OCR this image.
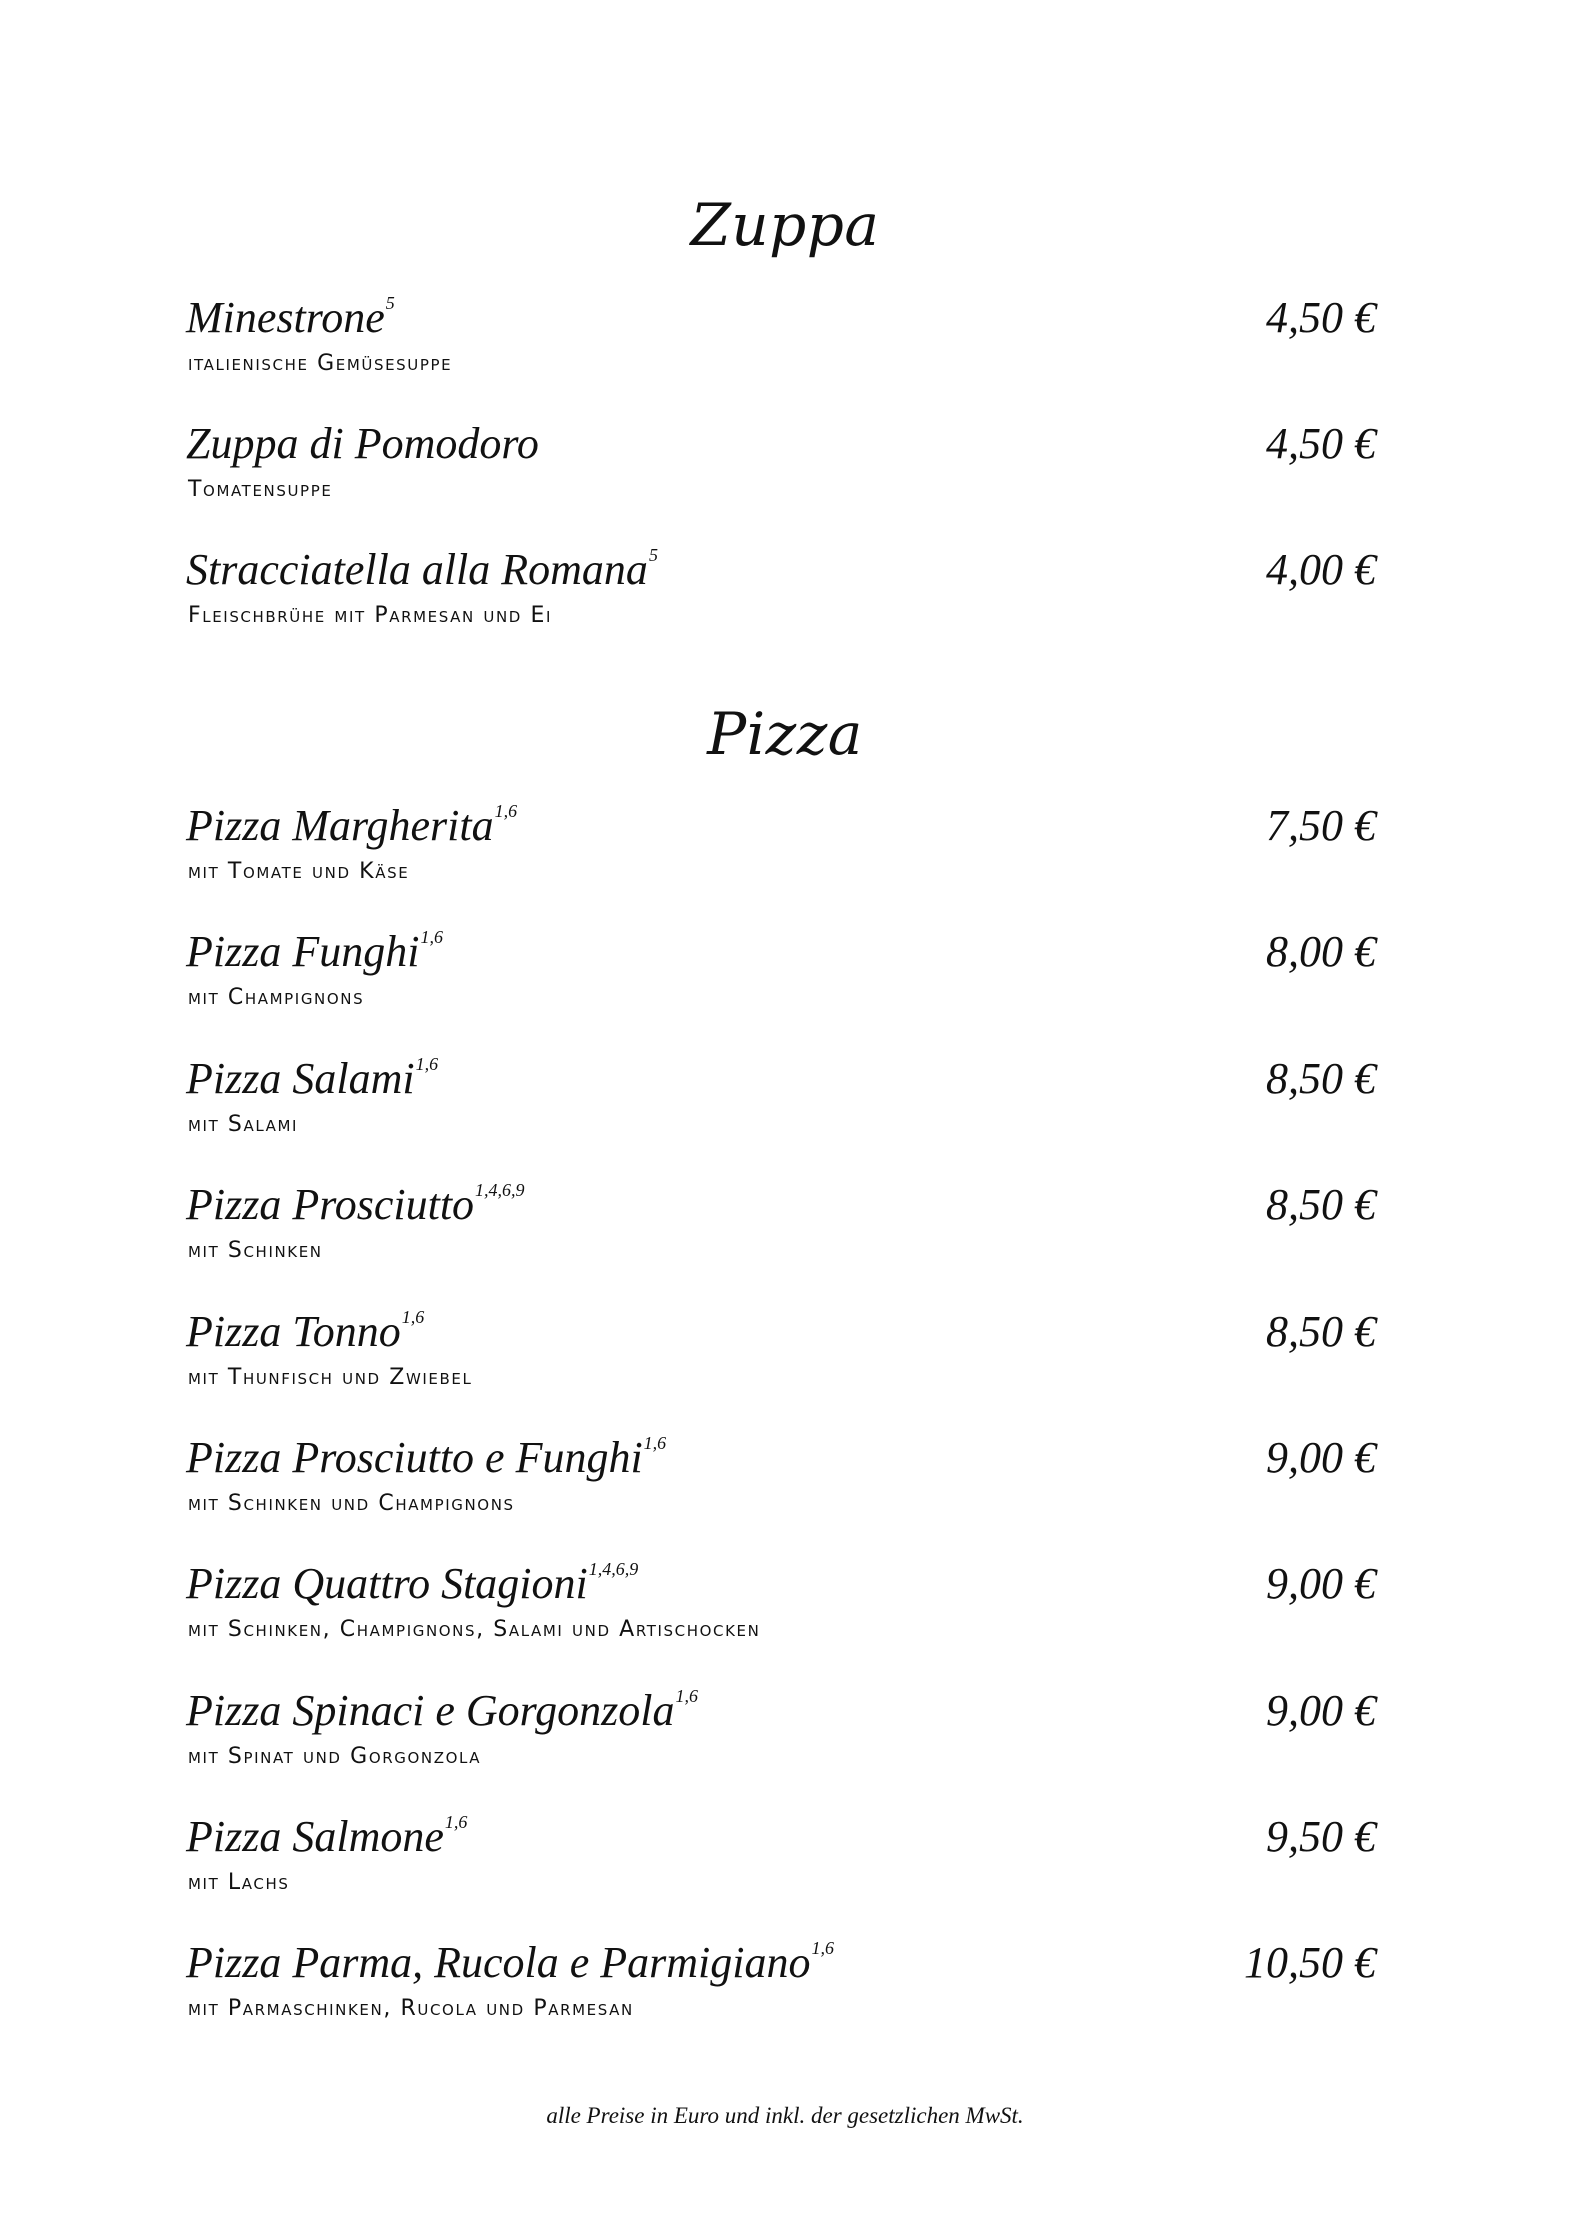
Zuppa
Minestrone$^5$
italienische Gemüsesuppe
4,50 €
Zuppa di Pomodoro
Tomatensuppe
4,50 €
Stracciatella alla Romana$^5$
Fleischbrühe mit Parmesan und Ei
4,00 €
Pizza
Pizza Margherita$^{1,6}$
mit Tomate und Käse
7,50 €
Pizza Funghi$^{1,6}$
mit Champignons
8,00 €
Pizza Salami$^{1,6}$
mit Salami
8,50 €
Pizza Prosciutto$^{1,4,6,9}$
mit Schinken
8,50 €
Pizza Tonno$^{1,6}$
mit Thunfisch und Zwiebel
8,50 €
Pizza Prosciutto e Funghi$^{1,6}$
mit Schinken und Champignons
9,00 €
Pizza Quattro Stagioni$^{1,4,6,9}$
mit Schinken, Champignons, Salami und Artischocken
9,00 €
Pizza Spinaci e Gorgonzola$^{1,6}$
mit Spinat und Gorgonzola
9,00 €
Pizza Salmone$^{1,6}$
mit Lachs
9,50 €
Pizza Parma, Rucola e Parmigiano$^{1,6}$
mit Parmaschinken, Rucola und Parmesan
10,50 €
alle Preise in Euro und inkl. der gesetzlichen MwSt.
